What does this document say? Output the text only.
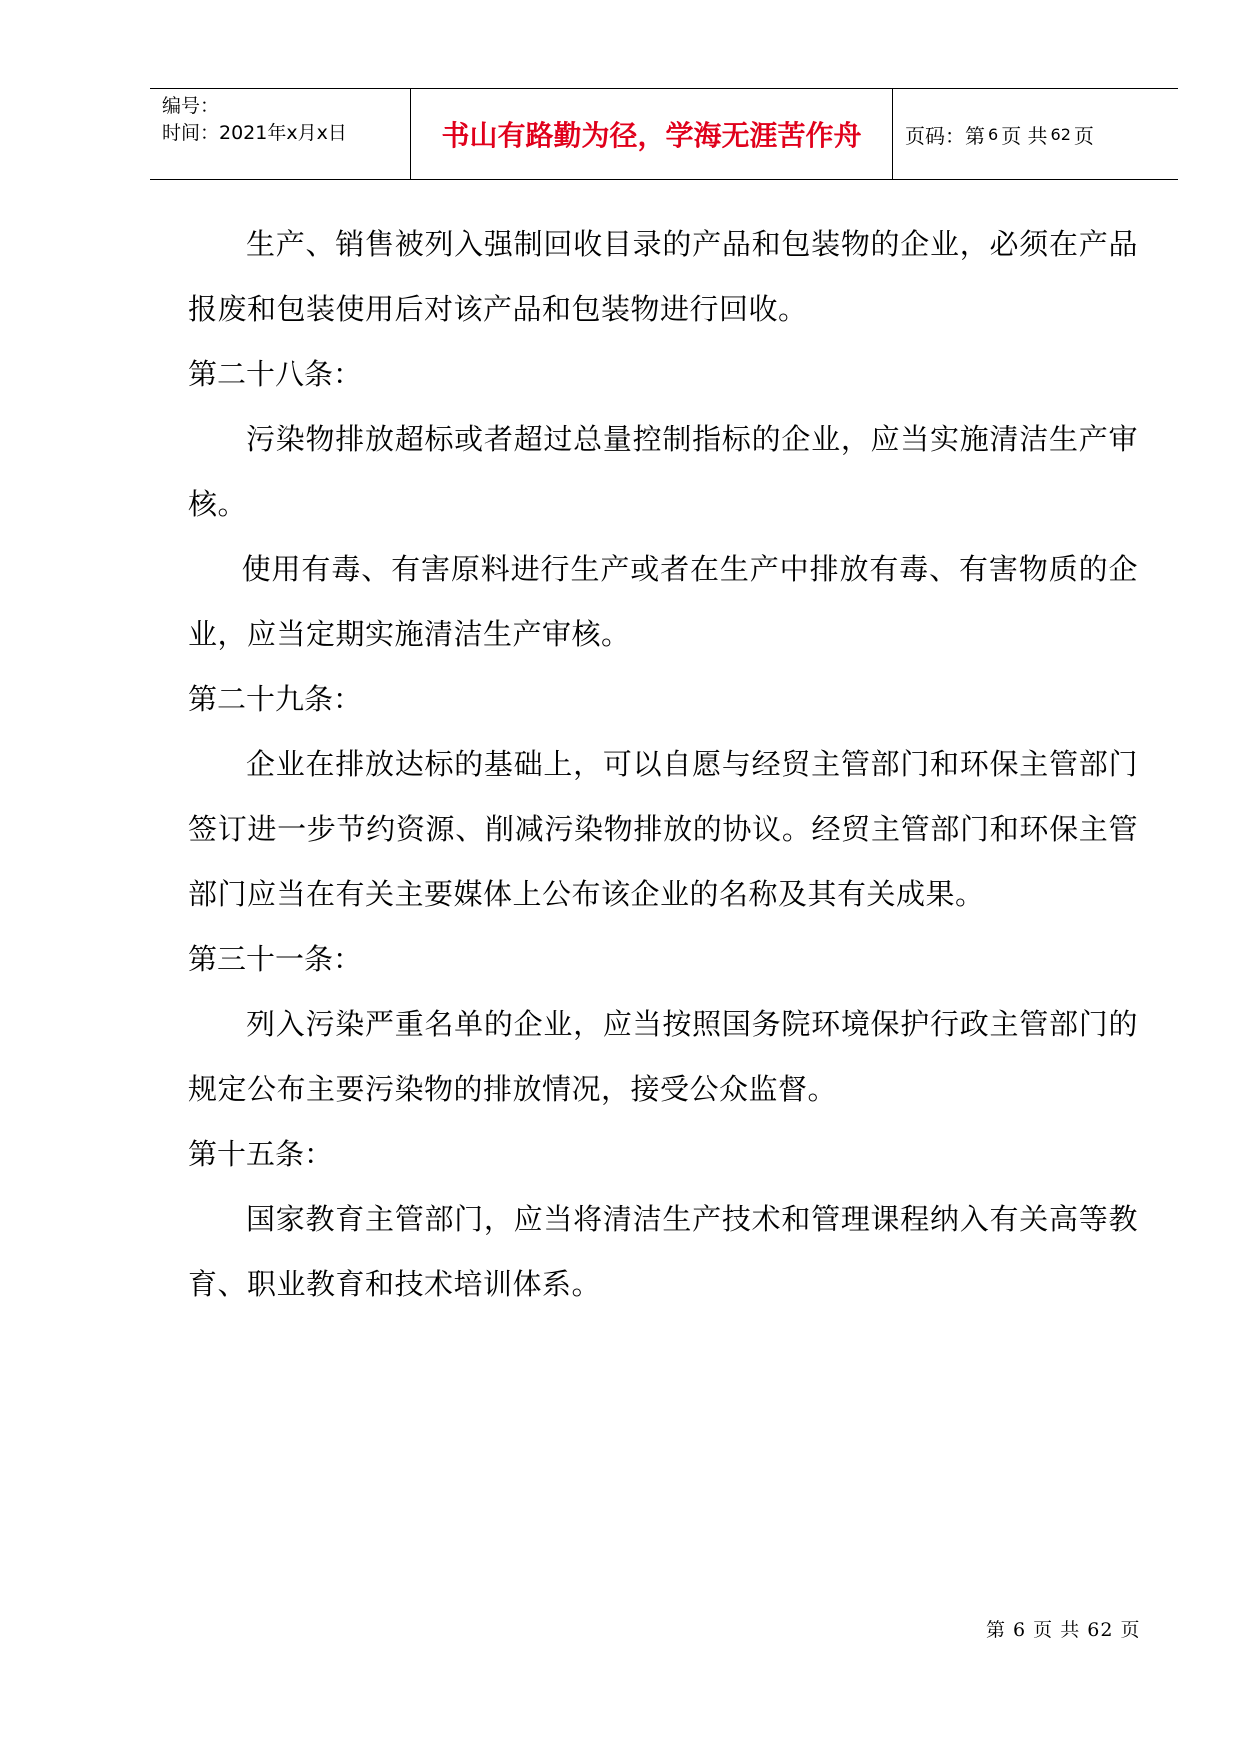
编号：
时间：2021年x月x日	书山有路勤为径，学海无涯苦作舟	页码：第 6 页 共 62 页

生产、销售被列入强制回收目录的产品和包装物的企业，必须在产品报废和包装使用后对该产品和包装物进行回收。

第二十八条：

污染物排放超标或者超过总量控制指标的企业，应当实施清洁生产审核。

使用有毒、有害原料进行生产或者在生产中排放有毒、有害物质的企业，应当定期实施清洁生产审核。

第二十九条：

企业在排放达标的基础上，可以自愿与经贸主管部门和环保主管部门签订进一步节约资源、削减污染物排放的协议。经贸主管部门和环保主管部门应当在有关主要媒体上公布该企业的名称及其有关成果。

第三十一条：

列入污染严重名单的企业，应当按照国务院环境保护行政主管部门的规定公布主要污染物的排放情况，接受公众监督。

第十五条：

国家教育主管部门，应当将清洁生产技术和管理课程纳入有关高等教育、职业教育和技术培训体系。

第 6 页 共 62 页
